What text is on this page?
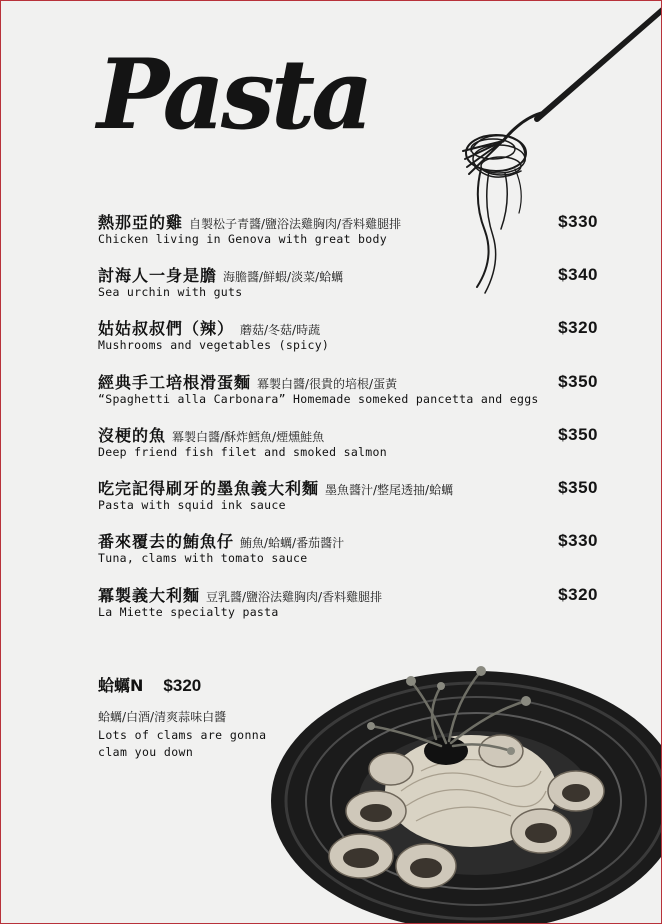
Pasta
熱那亞的雞 自製松子青醬/鹽浴法雞胸肉/香料雞腿排
Chicken living in Genova with great body
$330
討海人一身是膽 海膽醬/鮮蝦/淡菜/蛤蠣
Sea urchin with guts
$340
姑姑叔叔們（辣） 蘑菇/冬菇/時蔬
Mushrooms and vegetables (spicy)
$320
經典手工培根滑蛋麵 冪製白醬/很貴的培根/蛋黃
“Spaghetti alla Carbonara” Homemade someked pancetta and eggs
$350
沒梗的魚 冪製白醬/酥炸鱈魚/煙燻鮭魚
Deep friend fish filet and smoked salmon
$350
吃完記得刷牙的墨魚義大利麵 墨魚醬汁/整尾透抽/蛤蠣
Pasta with squid ink sauce
$350
番來覆去的鮪魚仔 鮪魚/蛤蠣/番茄醬汁
Tuna, clams with tomato sauce
$330
冪製義大利麵 豆乳醬/鹽浴法雞胸肉/香料雞腿排
La Miette specialty pasta
$320
蛤蠣N $320
蛤蠣/白酒/清爽蒜味白醬
Lots of clams are gonna
clam you down
